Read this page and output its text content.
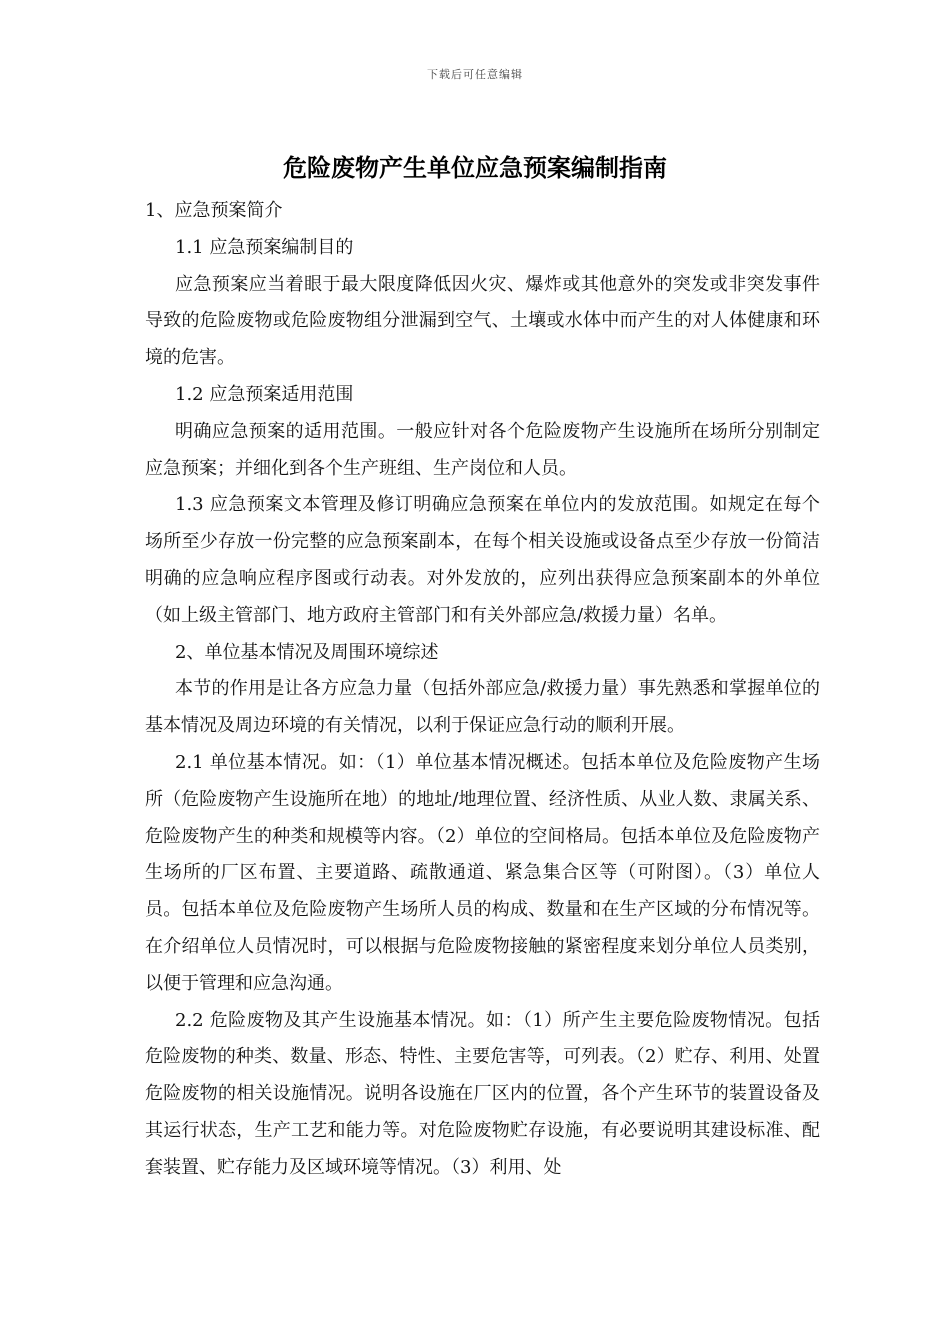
下载后可任意编辑
危险废物产生单位应急预案编制指南

1、应急预案简介

1.1 应急预案编制目的

应急预案应当着眼于最大限度降低因火灾、爆炸或其他意外的突发或非突发事件导致的危险废物或危险废物组分泄漏到空气、土壤或水体中而产生的对人体健康和环境的危害。

1.2 应急预案适用范围

明确应急预案的适用范围。一般应针对各个危险废物产生设施所在场所分别制定应急预案；并细化到各个生产班组、生产岗位和人员。

1.3 应急预案文本管理及修订明确应急预案在单位内的发放范围。如规定在每个场所至少存放一份完整的应急预案副本，在每个相关设施或设备点至少存放一份简洁明确的应急响应程序图或行动表。对外发放的，应列出获得应急预案副本的外单位（如上级主管部门、地方政府主管部门和有关外部应急/救援力量）名单。

2、单位基本情况及周围环境综述

本节的作用是让各方应急力量（包括外部应急/救援力量）事先熟悉和掌握单位的基本情况及周边环境的有关情况，以利于保证应急行动的顺利开展。

2.1 单位基本情况。如：（1）单位基本情况概述。包括本单位及危险废物产生场所（危险废物产生设施所在地）的地址/地理位置、经济性质、从业人数、隶属关系、危险废物产生的种类和规模等内容。（2）单位的空间格局。包括本单位及危险废物产生场所的厂区布置、主要道路、疏散通道、紧急集合区等（可附图）。（3）单位人员。包括本单位及危险废物产生场所人员的构成、数量和在生产区域的分布情况等。在介绍单位人员情况时，可以根据与危险废物接触的紧密程度来划分单位人员类别，以便于管理和应急沟通。

2.2 危险废物及其产生设施基本情况。如：（1）所产生主要危险废物情况。包括危险废物的种类、数量、形态、特性、主要危害等，可列表。（2）贮存、利用、处置危险废物的相关设施情况。说明各设施在厂区内的位置，各个产生环节的装置设备及其运行状态，生产工艺和能力等。对危险废物贮存设施，有必要说明其建设标准、配套装置、贮存能力及区域环境等情况。（3）利用、处
